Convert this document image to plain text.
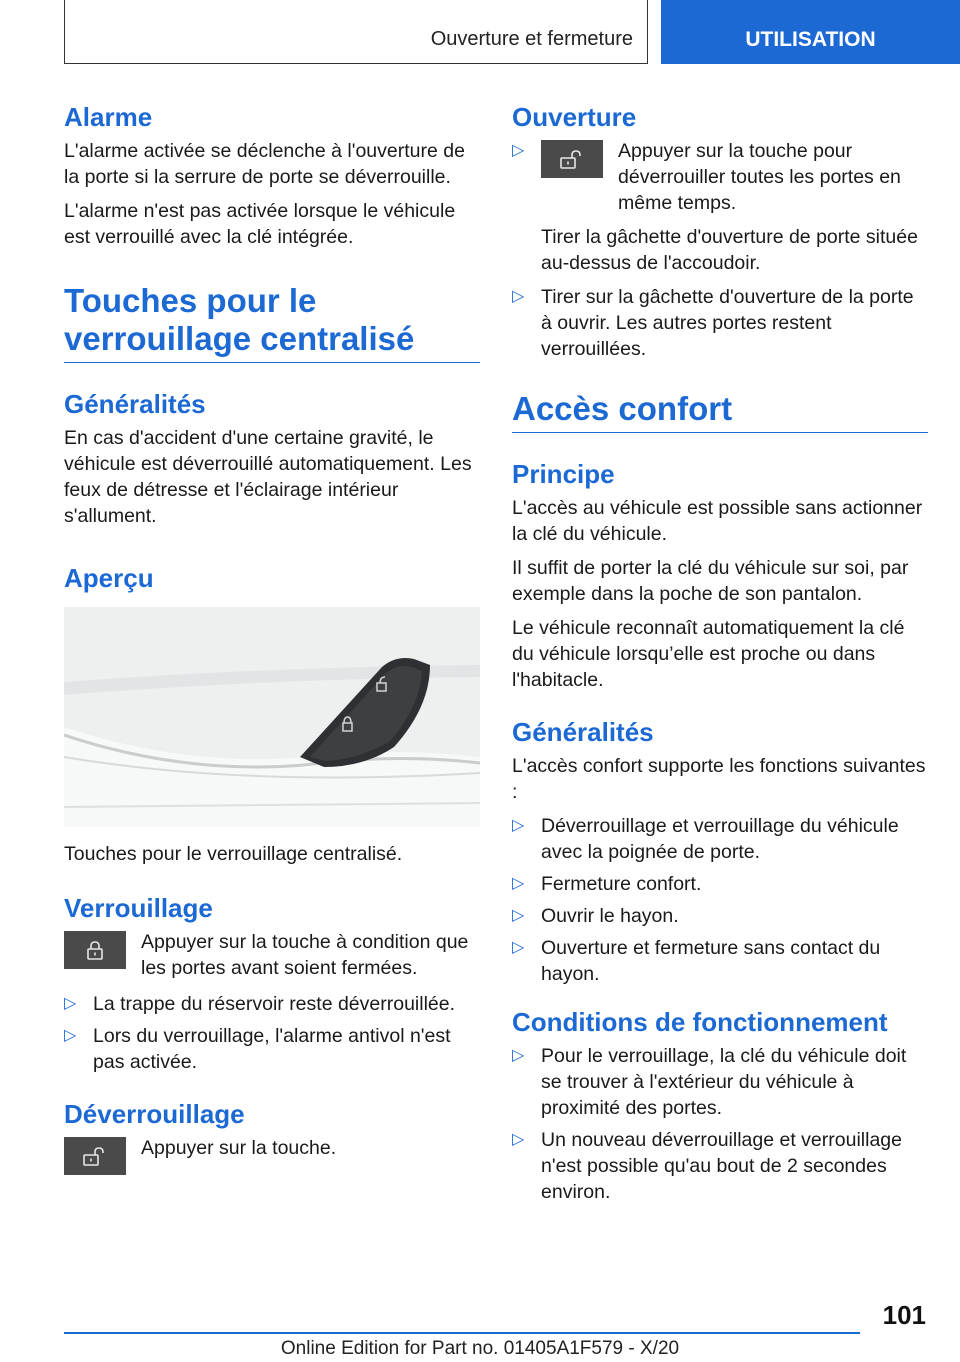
Ouverture et fermeture	UTILISATION
Alarme

L'alarme activée se déclenche à l'ouverture de la porte si la serrure de porte se déverrouille.

L'alarme n'est pas activée lorsque le véhicule est verrouillé avec la clé intégrée.

Touches pour le verrouillage centralisé
Généralités

En cas d'accident d'une certaine gravité, le véhicule est déverrouillé automatiquement. Les feux de détresse et l'éclairage intérieur s'allument.

Aperçu

Touches pour le verrouillage centralisé.

Verrouillage

Appuyer sur la touche à condition que les portes avant soient fermées.

▷ La trappe du réservoir reste déverrouillée.
▷ Lors du verrouillage, l'alarme antivol n'est pas activée.
Déverrouillage

Appuyer sur la touche.

Ouverture
▷	Appuyer sur la touche pour déverrouiller toutes les portes en même temps.

Tirer la gâchette d'ouverture de porte située au-dessus de l'accoudoir.

▷ Tirer sur la gâchette d'ouverture de la porte à ouvrir. Les autres portes restent verrouillées.
Accès confort
Principe

L'accès au véhicule est possible sans actionner la clé du véhicule.

Il suffit de porter la clé du véhicule sur soi, par exemple dans la poche de son pantalon.

Le véhicule reconnaît automatiquement la clé du véhicule lorsqu’elle est proche ou dans l'habitacle.

Généralités

L'accès confort supporte les fonctions suivantes :

▷ Déverrouillage et verrouillage du véhicule avec la poignée de porte.
▷ Fermeture confort.
▷ Ouvrir le hayon.
▷ Ouverture et fermeture sans contact du hayon.
Conditions de fonctionnement
▷ Pour le verrouillage, la clé du véhicule doit se trouver à l'extérieur du véhicule à proximité des portes.
▷ Un nouveau déverrouillage et verrouillage n'est possible qu'au bout de 2 secondes environ.
101
Online Edition for Part no. 01405A1F579 - X/20
